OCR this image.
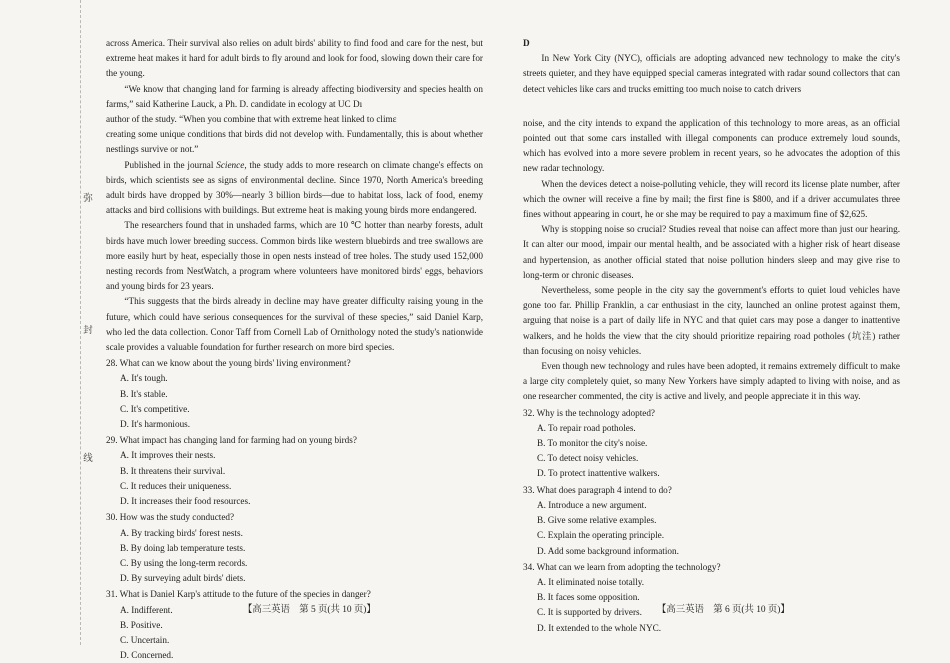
弥
封
线

across America. Their survival also relies on adult birds' ability to find food and care for the nest, but extreme heat makes it hard for adult birds to fly around and look for food, slowing down their care for the young.

“We know that changing land for farming is already affecting biodiversity and species health on farms,” said Katherine Lauck, a Ph. D. candidate in ecology at UC Dı

author of the study. “When you combine that with extreme heat linked to climɛ

creating some unique conditions that birds did not develop with. Fundamentally, this is about whether nestlings survive or not.”

Published in the journal Science, the study adds to more research on climate change's effects on birds, which scientists see as signs of environmental decline. Since 1970, North America's breeding adult birds have dropped by 30%—nearly 3 billion birds—due to habitat loss, lack of food, enemy attacks and bird collisions with buildings. But extreme heat is making young birds more endangered.

The researchers found that in unshaded farms, which are 10 ℃ hotter than nearby forests, adult birds have much lower breeding success. Common birds like western bluebirds and tree swallows are more easily hurt by heat, especially those in open nests instead of tree holes. The study used 152,000 nesting records from NestWatch, a program where volunteers have monitored birds' eggs, behaviors and young birds for 23 years.

“This suggests that the birds already in decline may have greater difficulty raising young in the future, which could have serious consequences for the survival of these species,” said Daniel Karp, who led the data collection. Conor Taff from Cornell Lab of Ornithology noted the study's nationwide scale provides a valuable foundation for further research on more bird species.

28. What can we know about the young birds' living environment?

A. It's tough.
B. It's stable.
C. It's competitive.
D. It's harmonious.

29. What impact has changing land for farming had on young birds?

A. It improves their nests.
B. It threatens their survival.
C. It reduces their uniqueness.
D. It increases their food resources.

30. How was the study conducted?

A. By tracking birds' forest nests.
B. By doing lab temperature tests.
C. By using the long-term records.
D. By surveying adult birds' diets.

31. What is Daniel Karp's attitude to the future of the species in danger?

A. Indifferent.
B. Positive.
C. Uncertain.
D. Concerned.

D

In New York City (NYC), officials are adopting advanced new technology to make the city's streets quieter, and they have equipped special cameras integrated with radar sound collectors that can detect vehicles like cars and trucks emitting too much noise to catch drivers

noise, and the city intends to expand the application of this technology to more areas, as an official pointed out that some cars installed with illegal components can produce extremely loud sounds, which has evolved into a more severe problem in recent years, so he advocates the adoption of this new radar technology.

When the devices detect a noise-polluting vehicle, they will record its license plate number, after which the owner will receive a fine by mail; the first fine is $800, and if a driver accumulates three fines without appearing in court, he or she may be required to pay a maximum fine of $2,625.

Why is stopping noise so crucial? Studies reveal that noise can affect more than just our hearing. It can alter our mood, impair our mental health, and be associated with a higher risk of heart disease and hypertension, as another official stated that noise pollution hinders sleep and may give rise to long-term or chronic diseases.

Nevertheless, some people in the city say the government's efforts to quiet loud vehicles have gone too far. Phillip Franklin, a car enthusiast in the city, launched an online protest against them, arguing that noise is a part of daily life in NYC and that quiet cars may pose a danger to inattentive walkers, and he holds the view that the city should prioritize repairing road potholes (坑洼) rather than focusing on noisy vehicles.

Even though new technology and rules have been adopted, it remains extremely difficult to make a large city completely quiet, so many New Yorkers have simply adapted to living with noise, and as one researcher commented, the city is active and lively, and people appreciate it in this way.

32. Why is the technology adopted?

A. To repair road potholes.
B. To monitor the city's noise.
C. To detect noisy vehicles.
D. To protect inattentive walkers.

33. What does paragraph 4 intend to do?

A. Introduce a new argument.
B. Give some relative examples.
C. Explain the operating principle.
D. Add some background information.

34. What can we learn from adopting the technology?

A. It eliminated noise totally.
B. It faces some opposition.
C. It is supported by drivers.
D. It extended to the whole NYC.
【高三英语　第 5 页(共 10 页)】	【高三英语　第 6 页(共 10 页)】
